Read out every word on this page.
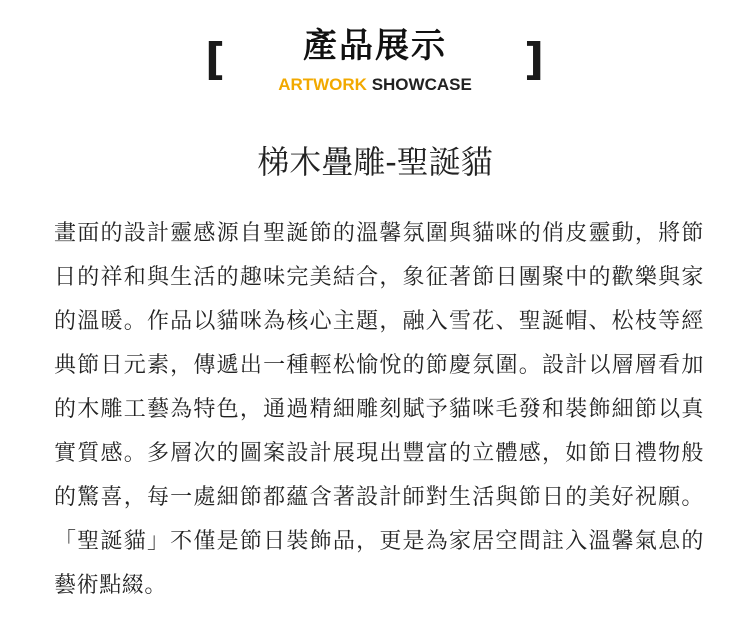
[	產品展示
ARTWORK SHOWCASE	]
梯木疊雕-聖誕貓

畫面的設計靈感源自聖誕節的溫馨氛圍與貓咪的俏皮靈動，將節日的祥和與生活的趣味完美結合，象征著節日團聚中的歡樂與家的溫暖。作品以貓咪為核心主題，融入雪花、聖誕帽、松枝等經典節日元素，傳遞出一種輕松愉悅的節慶氛圍。設計以層層看加的木雕工藝為特色，通過精細雕刻賦予貓咪毛發和裝飾細節以真實質感。多層次的圖案設計展現出豐富的立體感，如節日禮物般的驚喜，每一處細節都蘊含著設計師對生活與節日的美好祝願。「聖誕貓」不僅是節日裝飾品，更是為家居空間註入溫馨氣息的藝術點綴。
